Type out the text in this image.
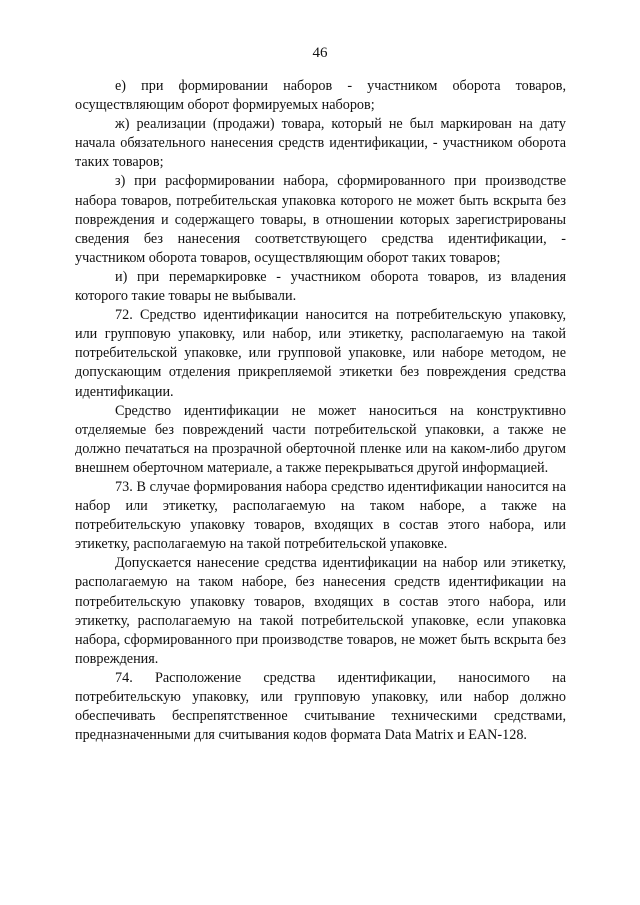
46

е) при формировании наборов - участником оборота товаров, осуществляющим оборот формируемых наборов;

ж) реализации (продажи) товара, который не был маркирован на дату начала обязательного нанесения средств идентификации, - участником оборота таких товаров;

з) при расформировании набора, сформированного при производстве набора товаров, потребительская упаковка которого не может быть вскрыта без повреждения и содержащего товары, в отношении которых зарегистрированы сведения без нанесения соответствующего средства идентификации, - участником оборота товаров, осуществляющим оборот таких товаров;

и) при перемаркировке - участником оборота товаров, из владения которого такие товары не выбывали.

72. Средство идентификации наносится на потребительскую упаковку, или групповую упаковку, или набор, или этикетку, располагаемую на такой потребительской упаковке, или групповой упаковке, или наборе методом, не допускающим отделения прикрепляемой этикетки без повреждения средства идентификации.

Средство идентификации не может наноситься на конструктивно отделяемые без повреждений части потребительской упаковки, а также не должно печататься на прозрачной оберточной пленке или на каком-либо другом внешнем оберточном материале, а также перекрываться другой информацией.

73. В случае формирования набора средство идентификации наносится на набор или этикетку, располагаемую на таком наборе, а также на потребительскую упаковку товаров, входящих в состав этого набора, или этикетку, располагаемую на такой потребительской упаковке.

Допускается нанесение средства идентификации на набор или этикетку, располагаемую на таком наборе, без нанесения средств идентификации на потребительскую упаковку товаров, входящих в состав этого набора, или этикетку, располагаемую на такой потребительской упаковке, если упаковка набора, сформированного при производстве товаров, не может быть вскрыта без повреждения.

74. Расположение средства идентификации, наносимого на потребительскую упаковку, или групповую упаковку, или набор должно обеспечивать беспрепятственное считывание техническими средствами, предназначенными для считывания кодов формата Data Matrix и EAN-128.
